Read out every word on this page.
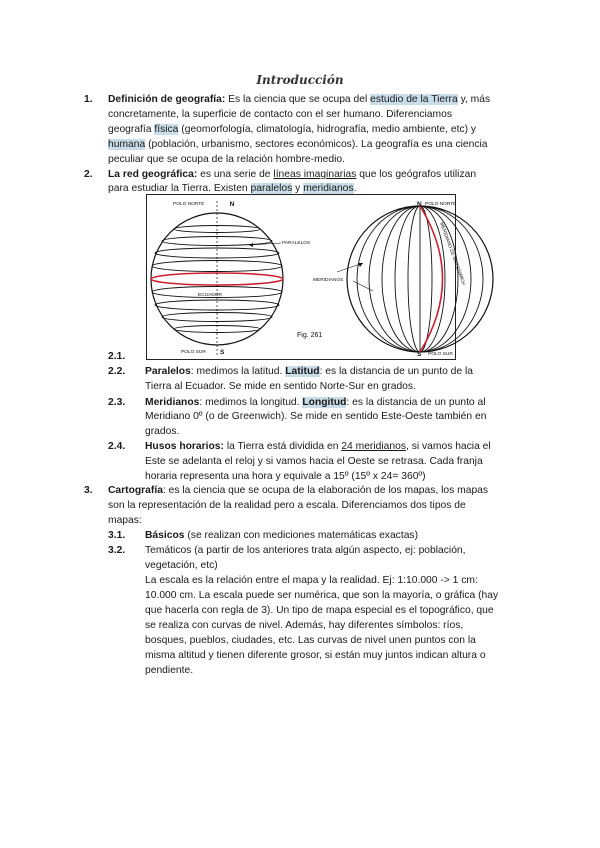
Introducción
1. Definición de geografía: Es la ciencia que se ocupa del estudio de la Tierra y, más
concretamente, la superficie de contacto con el ser humano. Diferenciamos
geografía física (geomorfología, climatología, hidrografía, medio ambiente, etc) y
humana (población, urbanismo, sectores económicos). La geografía es una ciencia
peculiar que se ocupa de la relación hombre-medio.
2. La red geográfica: es una serie de líneas imaginarias que los geógrafos utilizan
para estudiar la Tierra. Existen paralelos y meridianos.
N
POLO NORTE
PARALELOS
ECUADOR
POLO SUR S
Fig. 261
N POLO NORTE
MERIDIANOS	MERIDIANO DE GREENWICH
S POLO SUR
2.1.
2.2. Paralelos: medimos la latitud. Latitud: es la distancia de un punto de la
Tierra al Ecuador. Se mide en sentido Norte-Sur en grados.
2.3. Meridianos: medimos la longitud. Longitud: es la distancia de un punto al
Meridiano 0º (o de Greenwich). Se mide en sentido Este-Oeste también en
grados.
2.4. Husos horarios: la Tierra está dividida en 24 meridianos, si vamos hacia el
Este se adelanta el reloj y si vamos hacia el Oeste se retrasa. Cada franja
horaria representa una hora y equivale a 15º (15º x 24= 360º)
3. Cartografía: es la ciencia que se ocupa de la elaboración de los mapas, los mapas
son la representación de la realidad pero a escala. Diferenciamos dos tipos de
mapas:
3.1. Básicos (se realizan con mediciones matemáticas exactas)
3.2. Temáticos (a partir de los anteriores trata algún aspecto, ej: población,
vegetación, etc)
La escala es la relación entre el mapa y la realidad. Ej: 1:10.000 -> 1 cm:
10.000 cm. La escala puede ser numérica, que son la mayoría, o gráfica (hay
que hacerla con regla de 3). Un tipo de mapa especial es el topográfico, que
se realiza con curvas de nivel. Además, hay diferentes símbolos: ríos,
bosques, pueblos, ciudades, etc. Las curvas de nivel unen puntos con la
misma altitud y tienen diferente grosor, si están muy juntos indican altura o
pendiente.
